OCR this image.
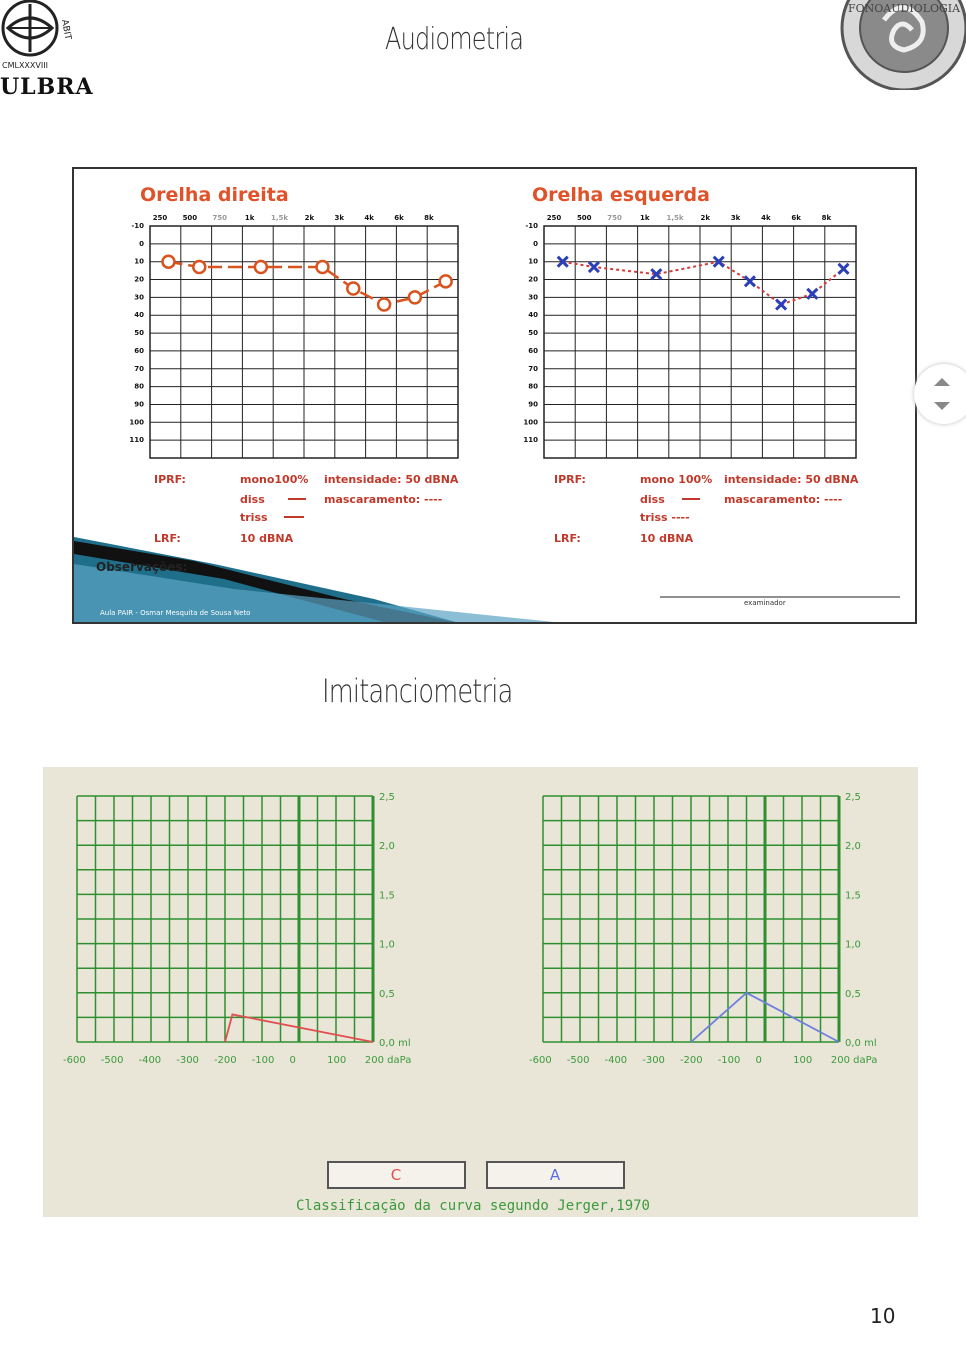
ABIT
CMLXXXVIII
ULBRA
Audiometria
FONOAUDIOLOGIA
250 500 750	1k 1,5k 2k	3k	4k	6k	8k
-10
0
10
20
30
40
50
60
70
80
90
100
110
250 500 750	1k 1,5k 2k	3k	4k	6k	8k
-10
0
10
20
30
40
50
60
70
80
90
100
110
Orelha direita
IPRF:	mono100% intensidade: 50 dBNA
diss	mascaramento: ----
triss
LRF:	10 dBNA
Orelha esquerda
IPRF:	mono 100% intensidade: 50 dBNA
diss	mascaramento: ----
triss ----
LRF:	10 dBNA
Observações:
Aula PAIR - Osmar Mesquita de Sousa Neto
examinador
Imitanciometria
2,5
2,0
1,5
1,0
0,5
0,0 ml
-600 -500 -400 -300 -200 -100 0	100 200 daPa
2,5
2,0
1,5
1,0
0,5
0,0 ml
-600 -500 -400 -300 -200 -100 0	100 200 daPa
C	A
Classificação da curva segundo Jerger,1970
10
